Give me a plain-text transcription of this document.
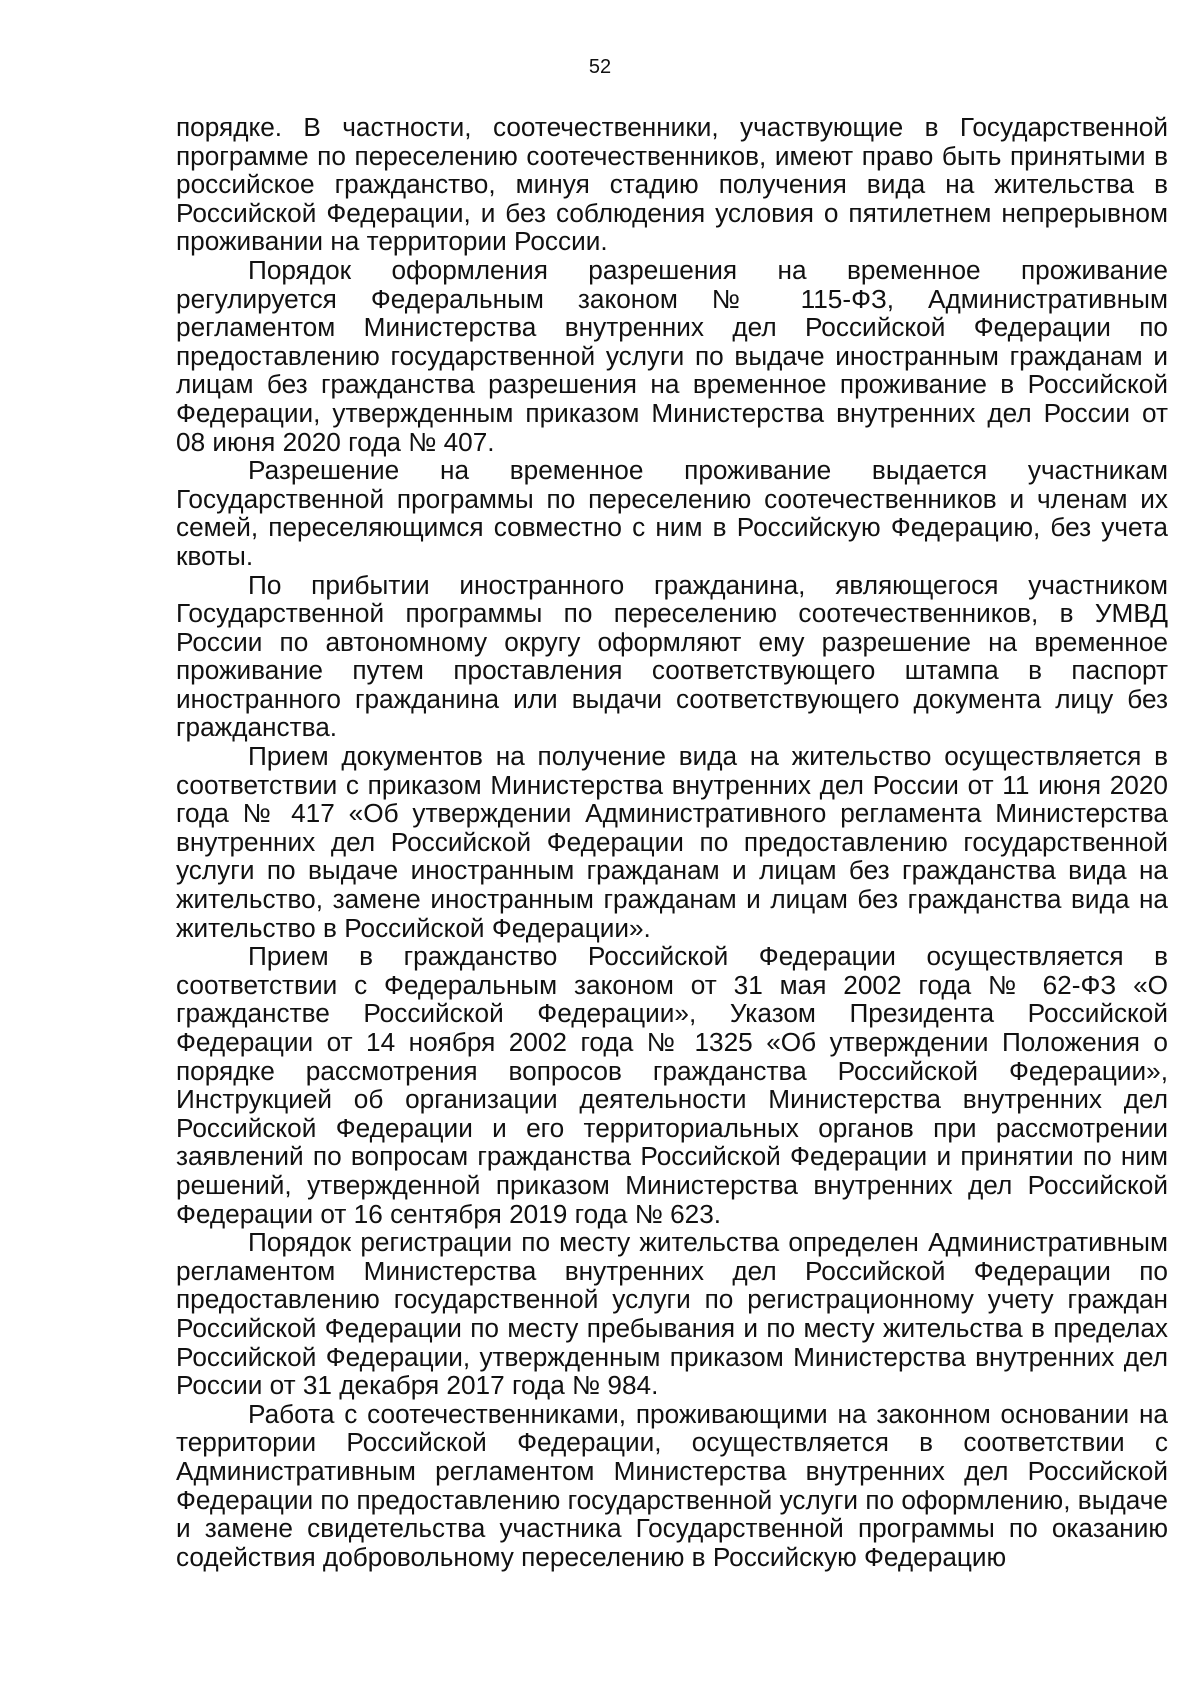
52

порядке. В частности, соотечественники, участвующие в Государственной программе по переселению соотечественников, имеют право быть принятыми в российское гражданство, минуя стадию получения вида на жительства в Российской Федерации, и без соблюдения условия о пятилетнем непрерывном проживании на территории России.

Порядок оформления разрешения на временное проживание регулируется Федеральным законом № 115-ФЗ, Административным регламентом Министерства внутренних дел Российской Федерации по предоставлению государственной услуги по выдаче иностранным гражданам и лицам без гражданства разрешения на временное проживание в Российской Федерации, утвержденным приказом Министерства внутренних дел России от 08 июня 2020 года № 407.

Разрешение на временное проживание выдается участникам Государственной программы по переселению соотечественников и членам их семей, переселяющимся совместно с ним в Российскую Федерацию, без учета квоты.

По прибытии иностранного гражданина, являющегося участником Государственной программы по переселению соотечественников, в УМВД России по автономному округу оформляют ему разрешение на временное проживание путем проставления соответствующего штампа в паспорт иностранного гражданина или выдачи соответствующего документа лицу без гражданства.

Прием документов на получение вида на жительство осуществляется в соответствии с приказом Министерства внутренних дел России от 11 июня 2020 года № 417 «Об утверждении Административного регламента Министерства внутренних дел Российской Федерации по предоставлению государственной услуги по выдаче иностранным гражданам и лицам без гражданства вида на жительство, замене иностранным гражданам и лицам без гражданства вида на жительство в Российской Федерации».

Прием в гражданство Российской Федерации осуществляется в соответствии с Федеральным законом от 31 мая 2002 года № 62-ФЗ «О гражданстве Российской Федерации», Указом Президента Российской Федерации от 14 ноября 2002 года № 1325 «Об утверждении Положения о порядке рассмотрения вопросов гражданства Российской Федерации», Инструкцией об организации деятельности Министерства внутренних дел Российской Федерации и его территориальных органов при рассмотрении заявлений по вопросам гражданства Российской Федерации и принятии по ним решений, утвержденной приказом Министерства внутренних дел Российской Федерации от 16 сентября 2019 года № 623.

Порядок регистрации по месту жительства определен Административным регламентом Министерства внутренних дел Российской Федерации по предоставлению государственной услуги по регистрационному учету граждан Российской Федерации по месту пребывания и по месту жительства в пределах Российской Федерации, утвержденным приказом Министерства внутренних дел России от 31 декабря 2017 года № 984.

Работа с соотечественниками, проживающими на законном основании на территории Российской Федерации, осуществляется в соответствии с Административным регламентом Министерства внутренних дел Российской Федерации по предоставлению государственной услуги по оформлению, выдаче и замене свидетельства участника Государственной программы по оказанию содействия добровольному переселению в Российскую Федерацию
